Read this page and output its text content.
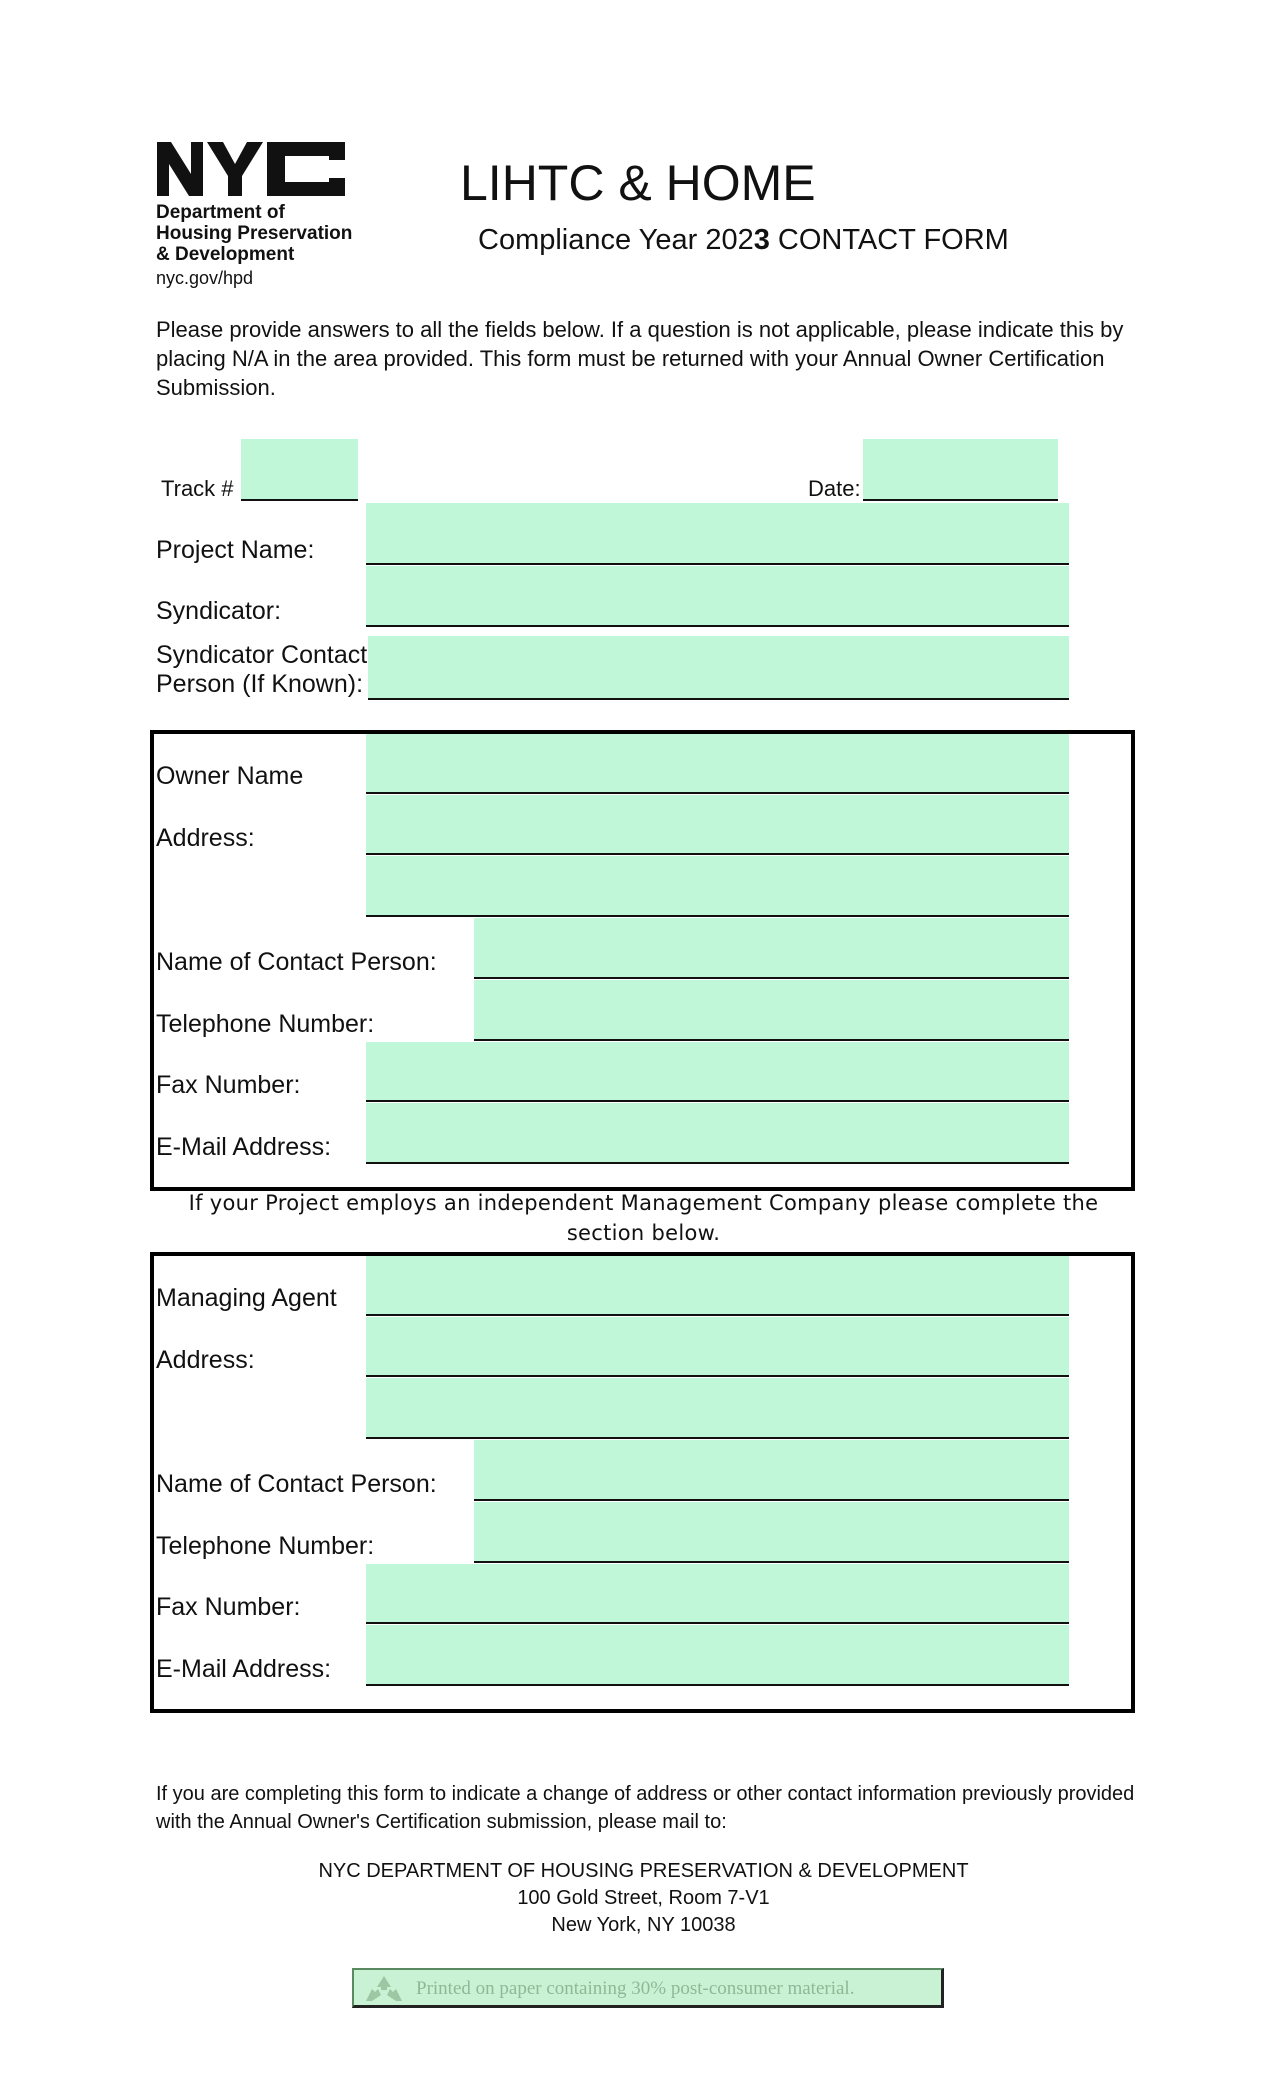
Department of
Housing Preservation
& Development
nyc.gov/hpd
LIHTC & HOME
Compliance Year 2023 CONTACT FORM
Please provide answers to all the fields below. If a question is not applicable, please indicate this by placing N/A in the area provided. This form must be returned with your Annual Owner Certification Submission.
Track #	Date:
Project Name:
Syndicator:
Syndicator Contact
Person (If Known):
Owner Name
Address:
Name of Contact Person:
Telephone Number:
Fax Number:
E-Mail Address:
If your Project employs an independent Management Company please complete the section below.
Managing Agent
Address:
Name of Contact Person:
Telephone Number:
Fax Number:
E-Mail Address:
If you are completing this form to indicate a change of address or other contact information previously provided with the Annual Owner's Certification submission, please mail to:
NYC DEPARTMENT OF HOUSING PRESERVATION & DEVELOPMENT
100 Gold Street, Room 7-V1
New York, NY 10038
Printed on paper containing 30% post-consumer material.
